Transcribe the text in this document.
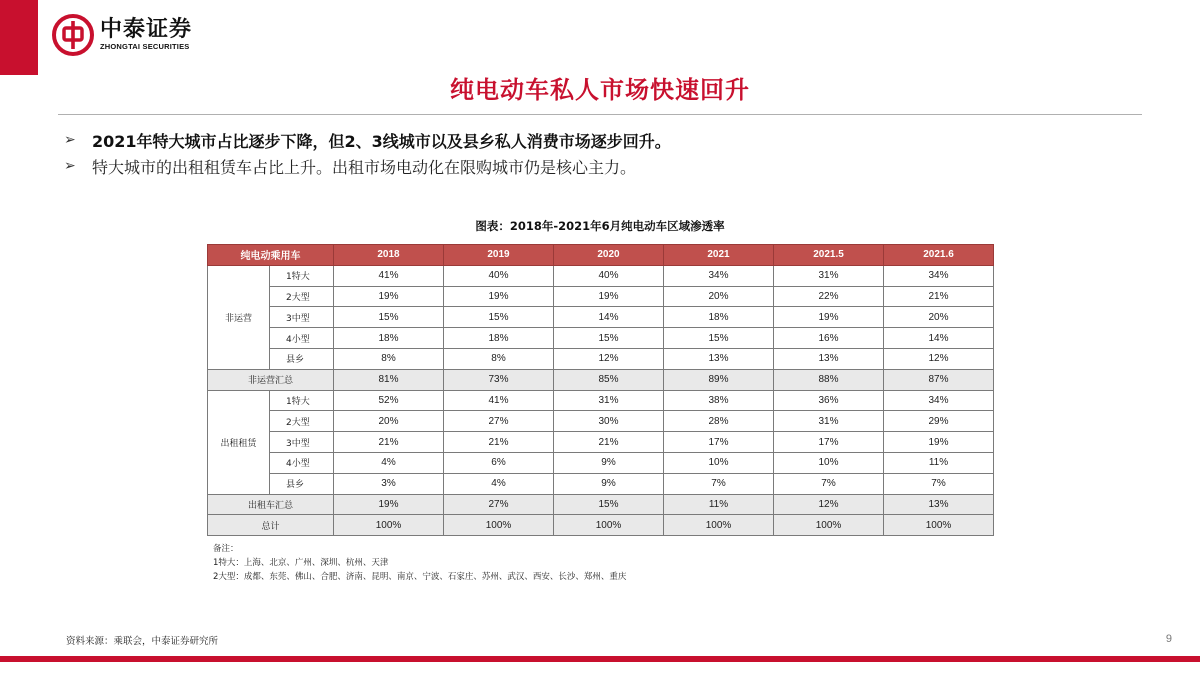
中泰证券
ZHONGTAI SECURITIES
纯电动车私人市场快速回升
➢	2021年特大城市占比逐步下降，但2、3线城市以及县乡私人消费市场逐步回升。
➢	特大城市的出租租赁车占比上升。出租市场电动化在限购城市仍是核心主力。
图表：2018年-2021年6月纯电动车区域渗透率
纯电动乘用车		2018	2019	2020	2021	2021.5	2021.6
非运营	1特大	41%	40%	40%	34%	31%	34%
	2大型	19%	19%	19%	20%	22%	21%
	3中型	15%	15%	14%	18%	19%	20%
	4小型	18%	18%	15%	15%	16%	14%
	县乡	8%	8%	12%	13%	13%	12%
非运营汇总		81%	73%	85%	89%	88%	87%
出租租赁	1特大	52%	41%	31%	38%	36%	34%
	2大型	20%	27%	30%	28%	31%	29%
	3中型	21%	21%	21%	17%	17%	19%
	4小型	4%	6%	9%	10%	10%	11%
	县乡	3%	4%	9%	7%	7%	7%
出租车汇总		19%	27%	15%	11%	12%	13%
总计		100%	100%	100%	100%	100%	100%
备注：
1特大：上海、北京、广州、深圳、杭州、天津
2大型：成都、东莞、佛山、合肥、济南、昆明、南京、宁波、石家庄、苏州、武汉、西安、长沙、郑州、重庆
资料来源：乘联会，中泰证券研究所	9
